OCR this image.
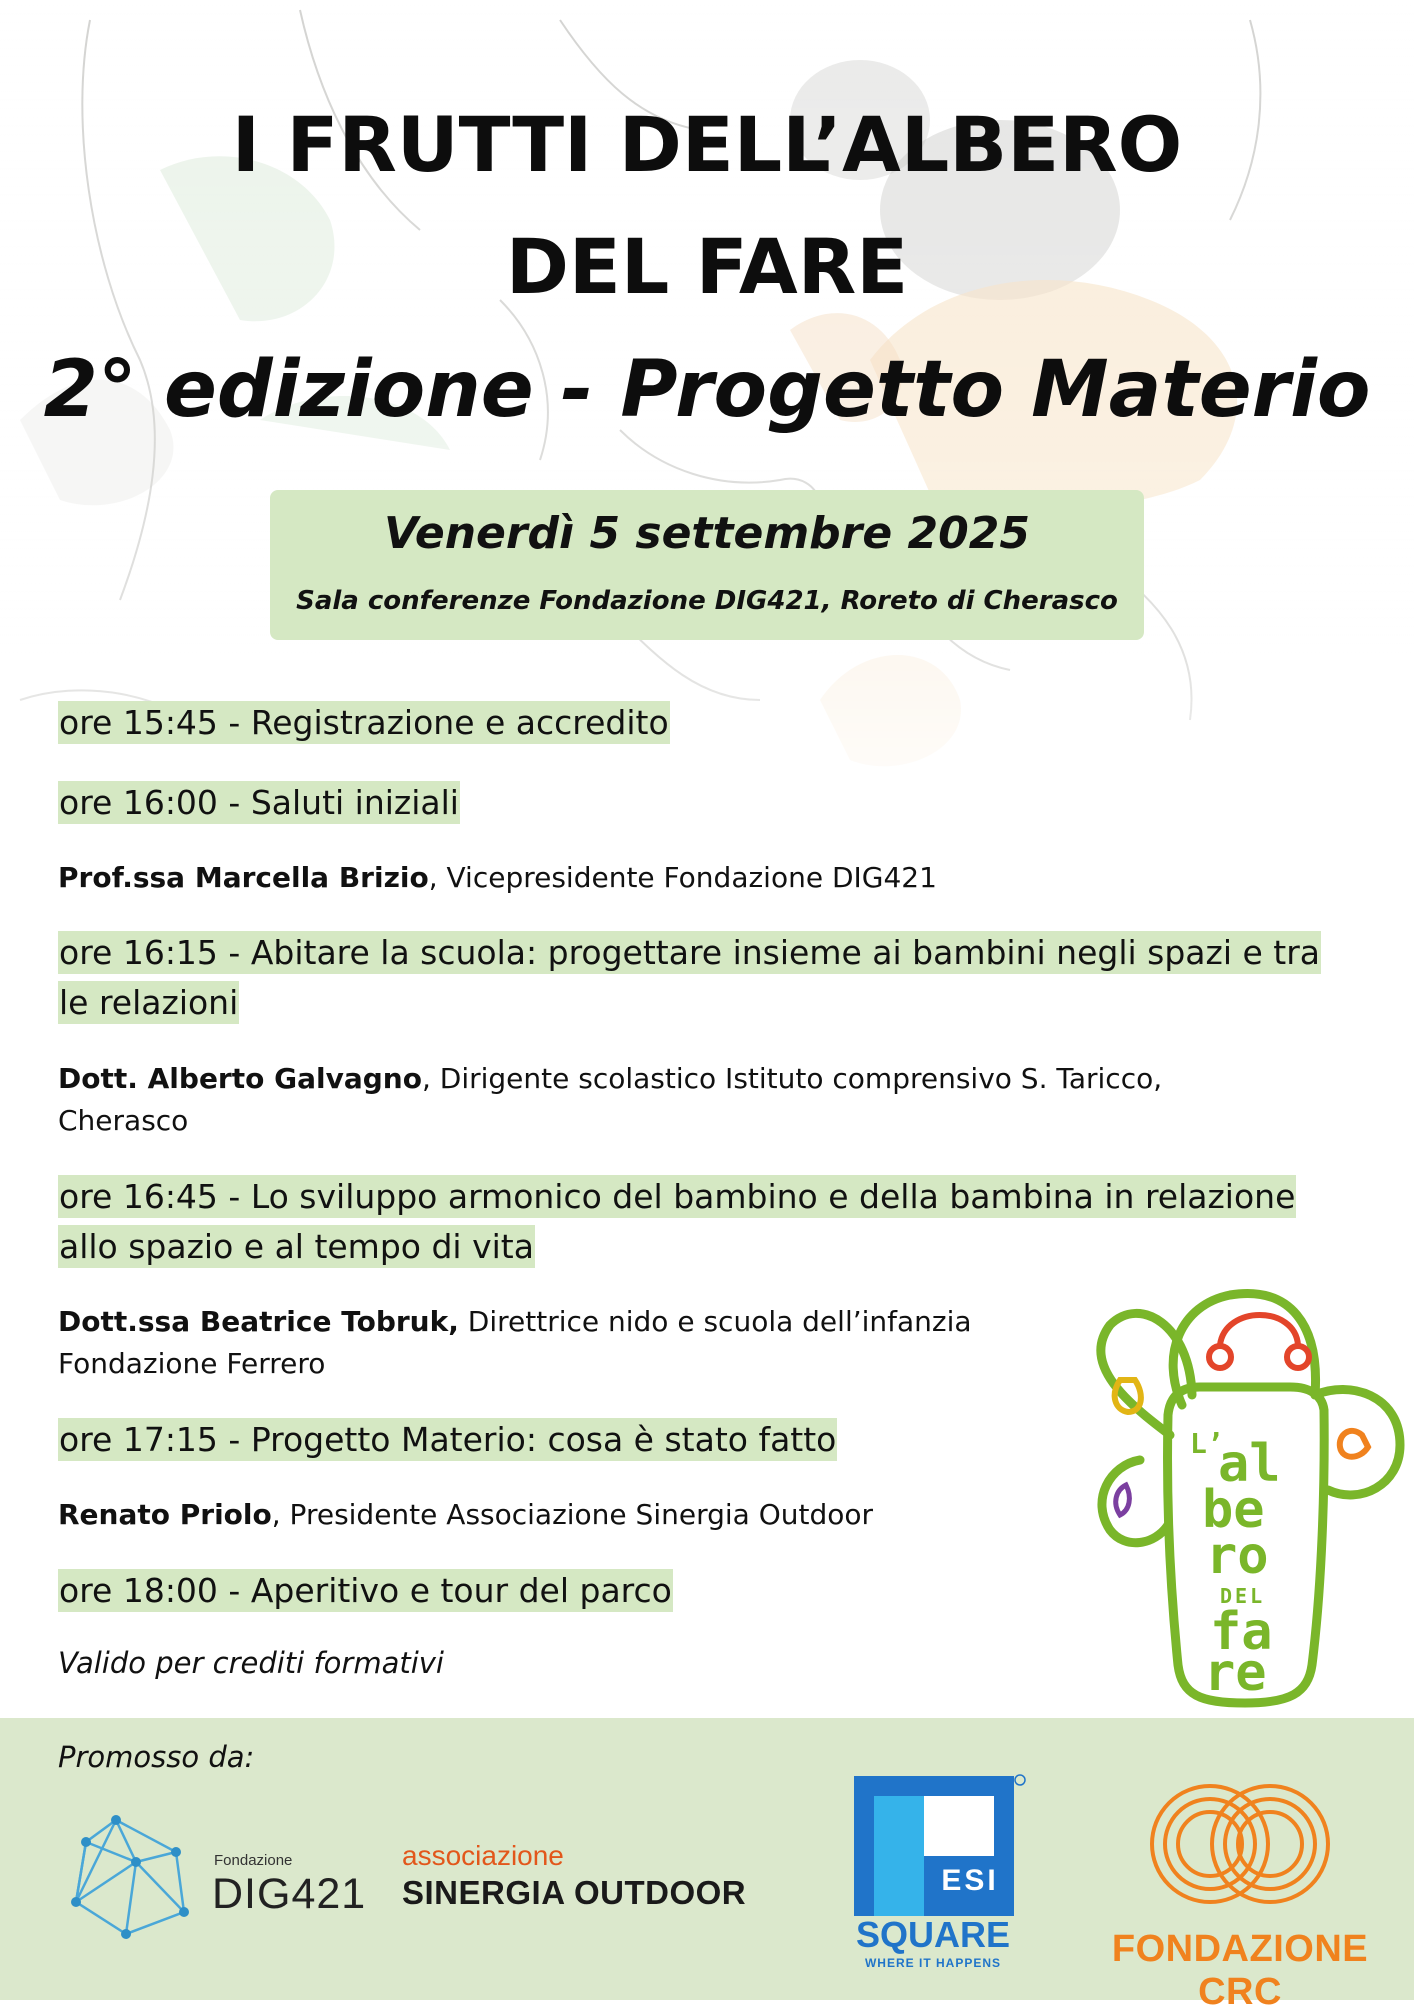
I FRUTTI DELL’ALBERO
DEL FARE
2° edizione - Progetto Materio
Venerdì 5 settembre 2025
Sala conferenze Fondazione DIG421, Roreto di Cherasco

ore 15:45 - Registrazione e accredito

ore 16:00 - Saluti iniziali

Prof.ssa Marcella Brizio, Vicepresidente Fondazione DIG421

ore 16:15 - Abitare la scuola: progettare insieme ai bambini negli spazi e tra
le relazioni

Dott. Alberto Galvagno, Dirigente scolastico Istituto comprensivo S. Taricco,
Cherasco

ore 16:45 - Lo sviluppo armonico del bambino e della bambina in relazione
allo spazio e al tempo di vita

Dott.ssa Beatrice Tobruk, Direttrice nido e scuola dell’infanzia
Fondazione Ferrero

ore 17:15 - Progetto Materio: cosa è stato fatto

Renato Priolo, Presidente Associazione Sinergia Outdoor

ore 18:00 - Aperitivo e tour del parco

Valido per crediti formativi
L’
al
be
ro
DEL
fa
re
Promosso da:
Fondazione
DIG421
associazione
SINERGIA OUTDOOR	ESI
SQUARE
WHERE IT HAPPENS	FONDAZIONE CRC
